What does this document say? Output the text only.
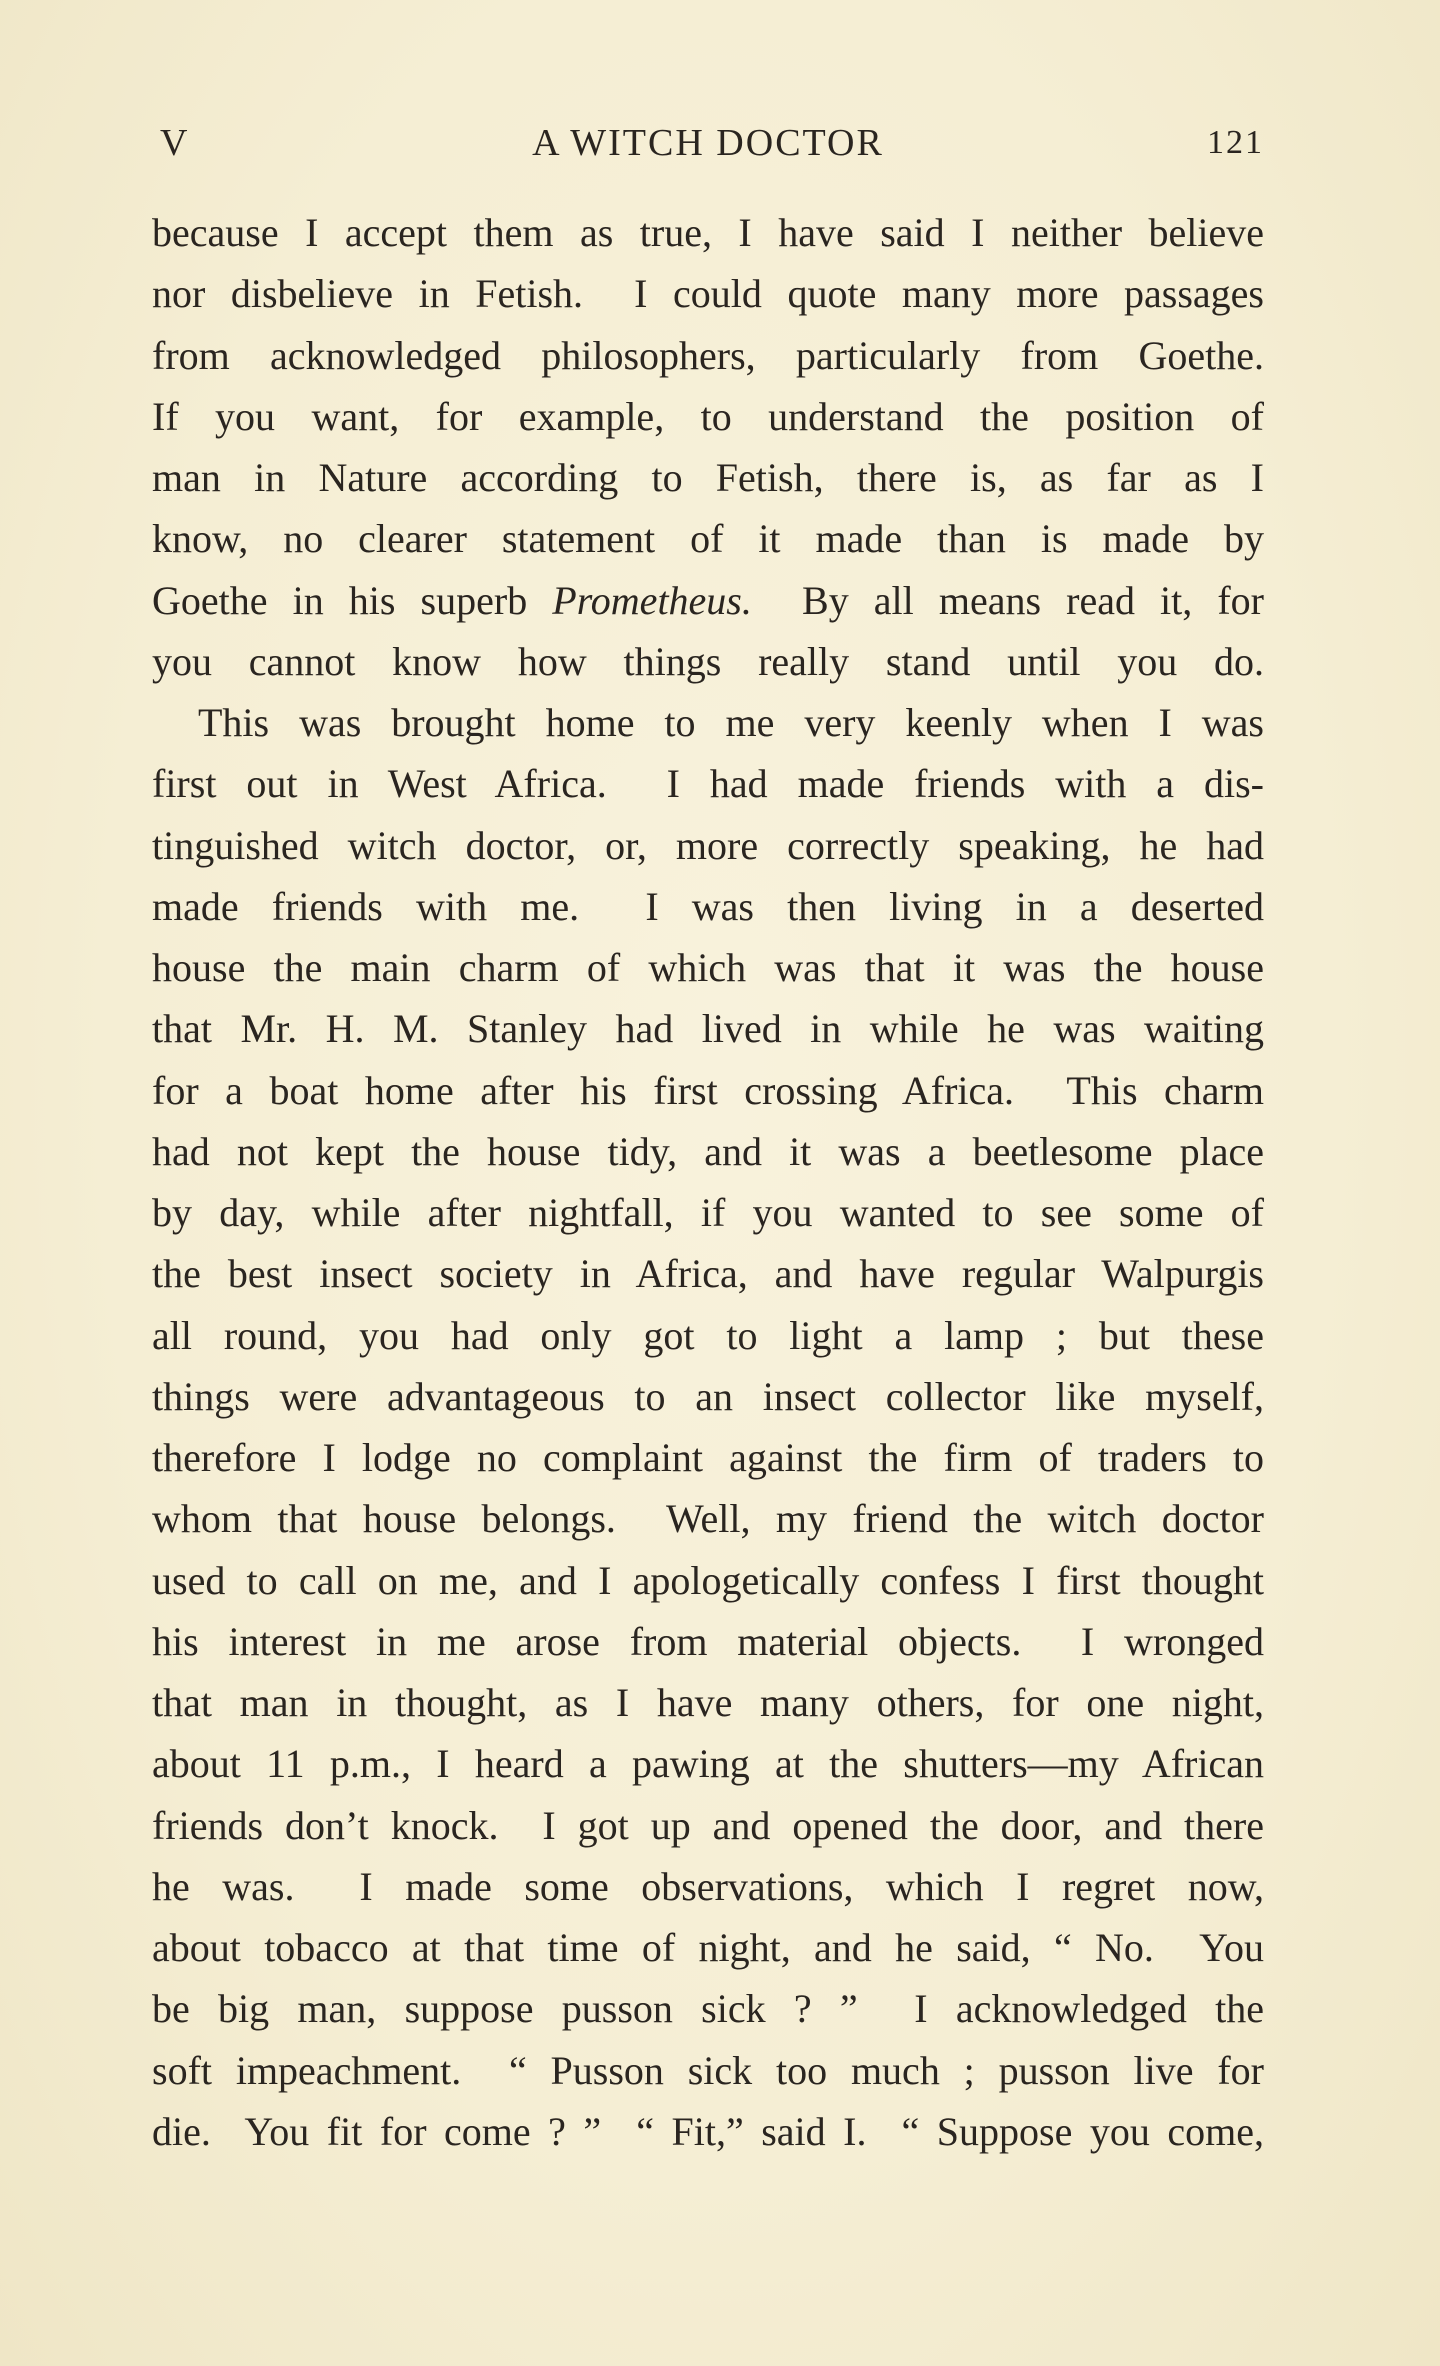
V	A WITCH DOCTOR	121
because I accept them as true, I have said I neither believe
nor disbelieve in Fetish.  I could quote many more passages
from acknowledged philosophers, particularly from Goethe.
If you want, for example, to understand the position of
man in Nature according to Fetish, there is, as far as I
know, no clearer statement of it made than is made by
Goethe in his superb Prometheus.  By all means read it, for
you cannot know how things really stand until you do.
This was brought home to me very keenly when I was
first out in West Africa.  I had made friends with a dis-
tinguished witch doctor, or, more correctly speaking, he had
made friends with me.  I was then living in a deserted
house the main charm of which was that it was the house
that Mr. H. M. Stanley had lived in while he was waiting
for a boat home after his first crossing Africa.  This charm
had not kept the house tidy, and it was a beetlesome place
by day, while after nightfall, if you wanted to see some of
the best insect society in Africa, and have regular Walpurgis
all round, you had only got to light a lamp ; but these
things were advantageous to an insect collector like myself,
therefore I lodge no complaint against the firm of traders to
whom that house belongs.  Well, my friend the witch doctor
used to call on me, and I apologetically confess I first thought
his interest in me arose from material objects.  I wronged
that man in thought, as I have many others, for one night,
about 11 p.m., I heard a pawing at the shutters—my African
friends don’t knock.  I got up and opened the door, and there
he was.  I made some observations, which I regret now,
about tobacco at that time of night, and he said, “ No.  You
be big man, suppose pusson sick ? ”  I acknowledged the
soft impeachment.  “ Pusson sick too much ; pusson live for
die.  You fit for come ? ”  “ Fit,” said I.  “ Suppose you come,
